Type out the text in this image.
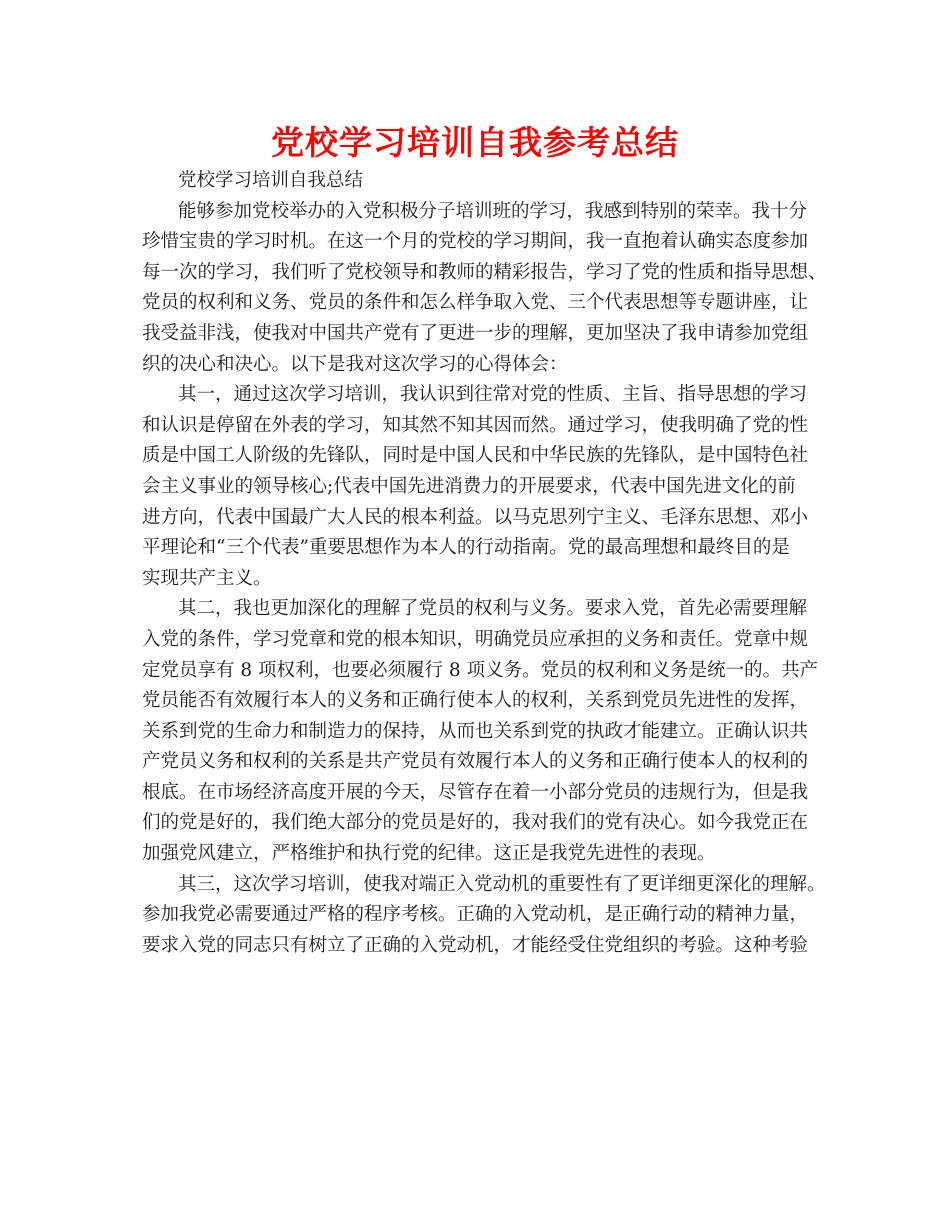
党校学习培训自我参考总结

党校学习培训自我总结

能够参加党校举办的入党积极分子培训班的学习，我感到特别的荣幸。我十分
珍惜宝贵的学习时机。在这一个月的党校的学习期间，我一直抱着认确实态度参加
每一次的学习，我们听了党校领导和教师的精彩报告，学习了党的性质和指导思想、
党员的权利和义务、党员的条件和怎么样争取入党、三个代表思想等专题讲座，让
我受益非浅，使我对中国共产党有了更进一步的理解，更加坚决了我申请参加党组
织的决心和决心。以下是我对这次学习的心得体会：

其一，通过这次学习培训，我认识到往常对党的性质、主旨、指导思想的学习
和认识是停留在外表的学习，知其然不知其因而然。通过学习，使我明确了党的性
质是中国工人阶级的先锋队，同时是中国人民和中华民族的先锋队，是中国特色社
会主义事业的领导核心;代表中国先进消费力的开展要求，代表中国先进文化的前
进方向，代表中国最广大人民的根本利益。以马克思列宁主义、毛泽东思想、邓小
平理论和“三个代表”重要思想作为本人的行动指南。党的最高理想和最终目的是
实现共产主义。

其二，我也更加深化的理解了党员的权利与义务。要求入党，首先必需要理解
入党的条件，学习党章和党的根本知识，明确党员应承担的义务和责任。党章中规
定党员享有 8 项权利，也要必须履行 8 项义务。党员的权利和义务是统一的。共产
党员能否有效履行本人的义务和正确行使本人的权利，关系到党员先进性的发挥，
关系到党的生命力和制造力的保持，从而也关系到党的执政才能建立。正确认识共
产党员义务和权利的关系是共产党员有效履行本人的义务和正确行使本人的权利的
根底。在市场经济高度开展的今天，尽管存在着一小部分党员的违规行为，但是我
们的党是好的，我们绝大部分的党员是好的，我对我们的党有决心。如今我党正在
加强党风建立，严格维护和执行党的纪律。这正是我党先进性的表现。

其三，这次学习培训，使我对端正入党动机的重要性有了更详细更深化的理解。
参加我党必需要通过严格的程序考核。正确的入党动机，是正确行动的精神力量，
要求入党的同志只有树立了正确的入党动机，才能经受住党组织的考验。这种考验
